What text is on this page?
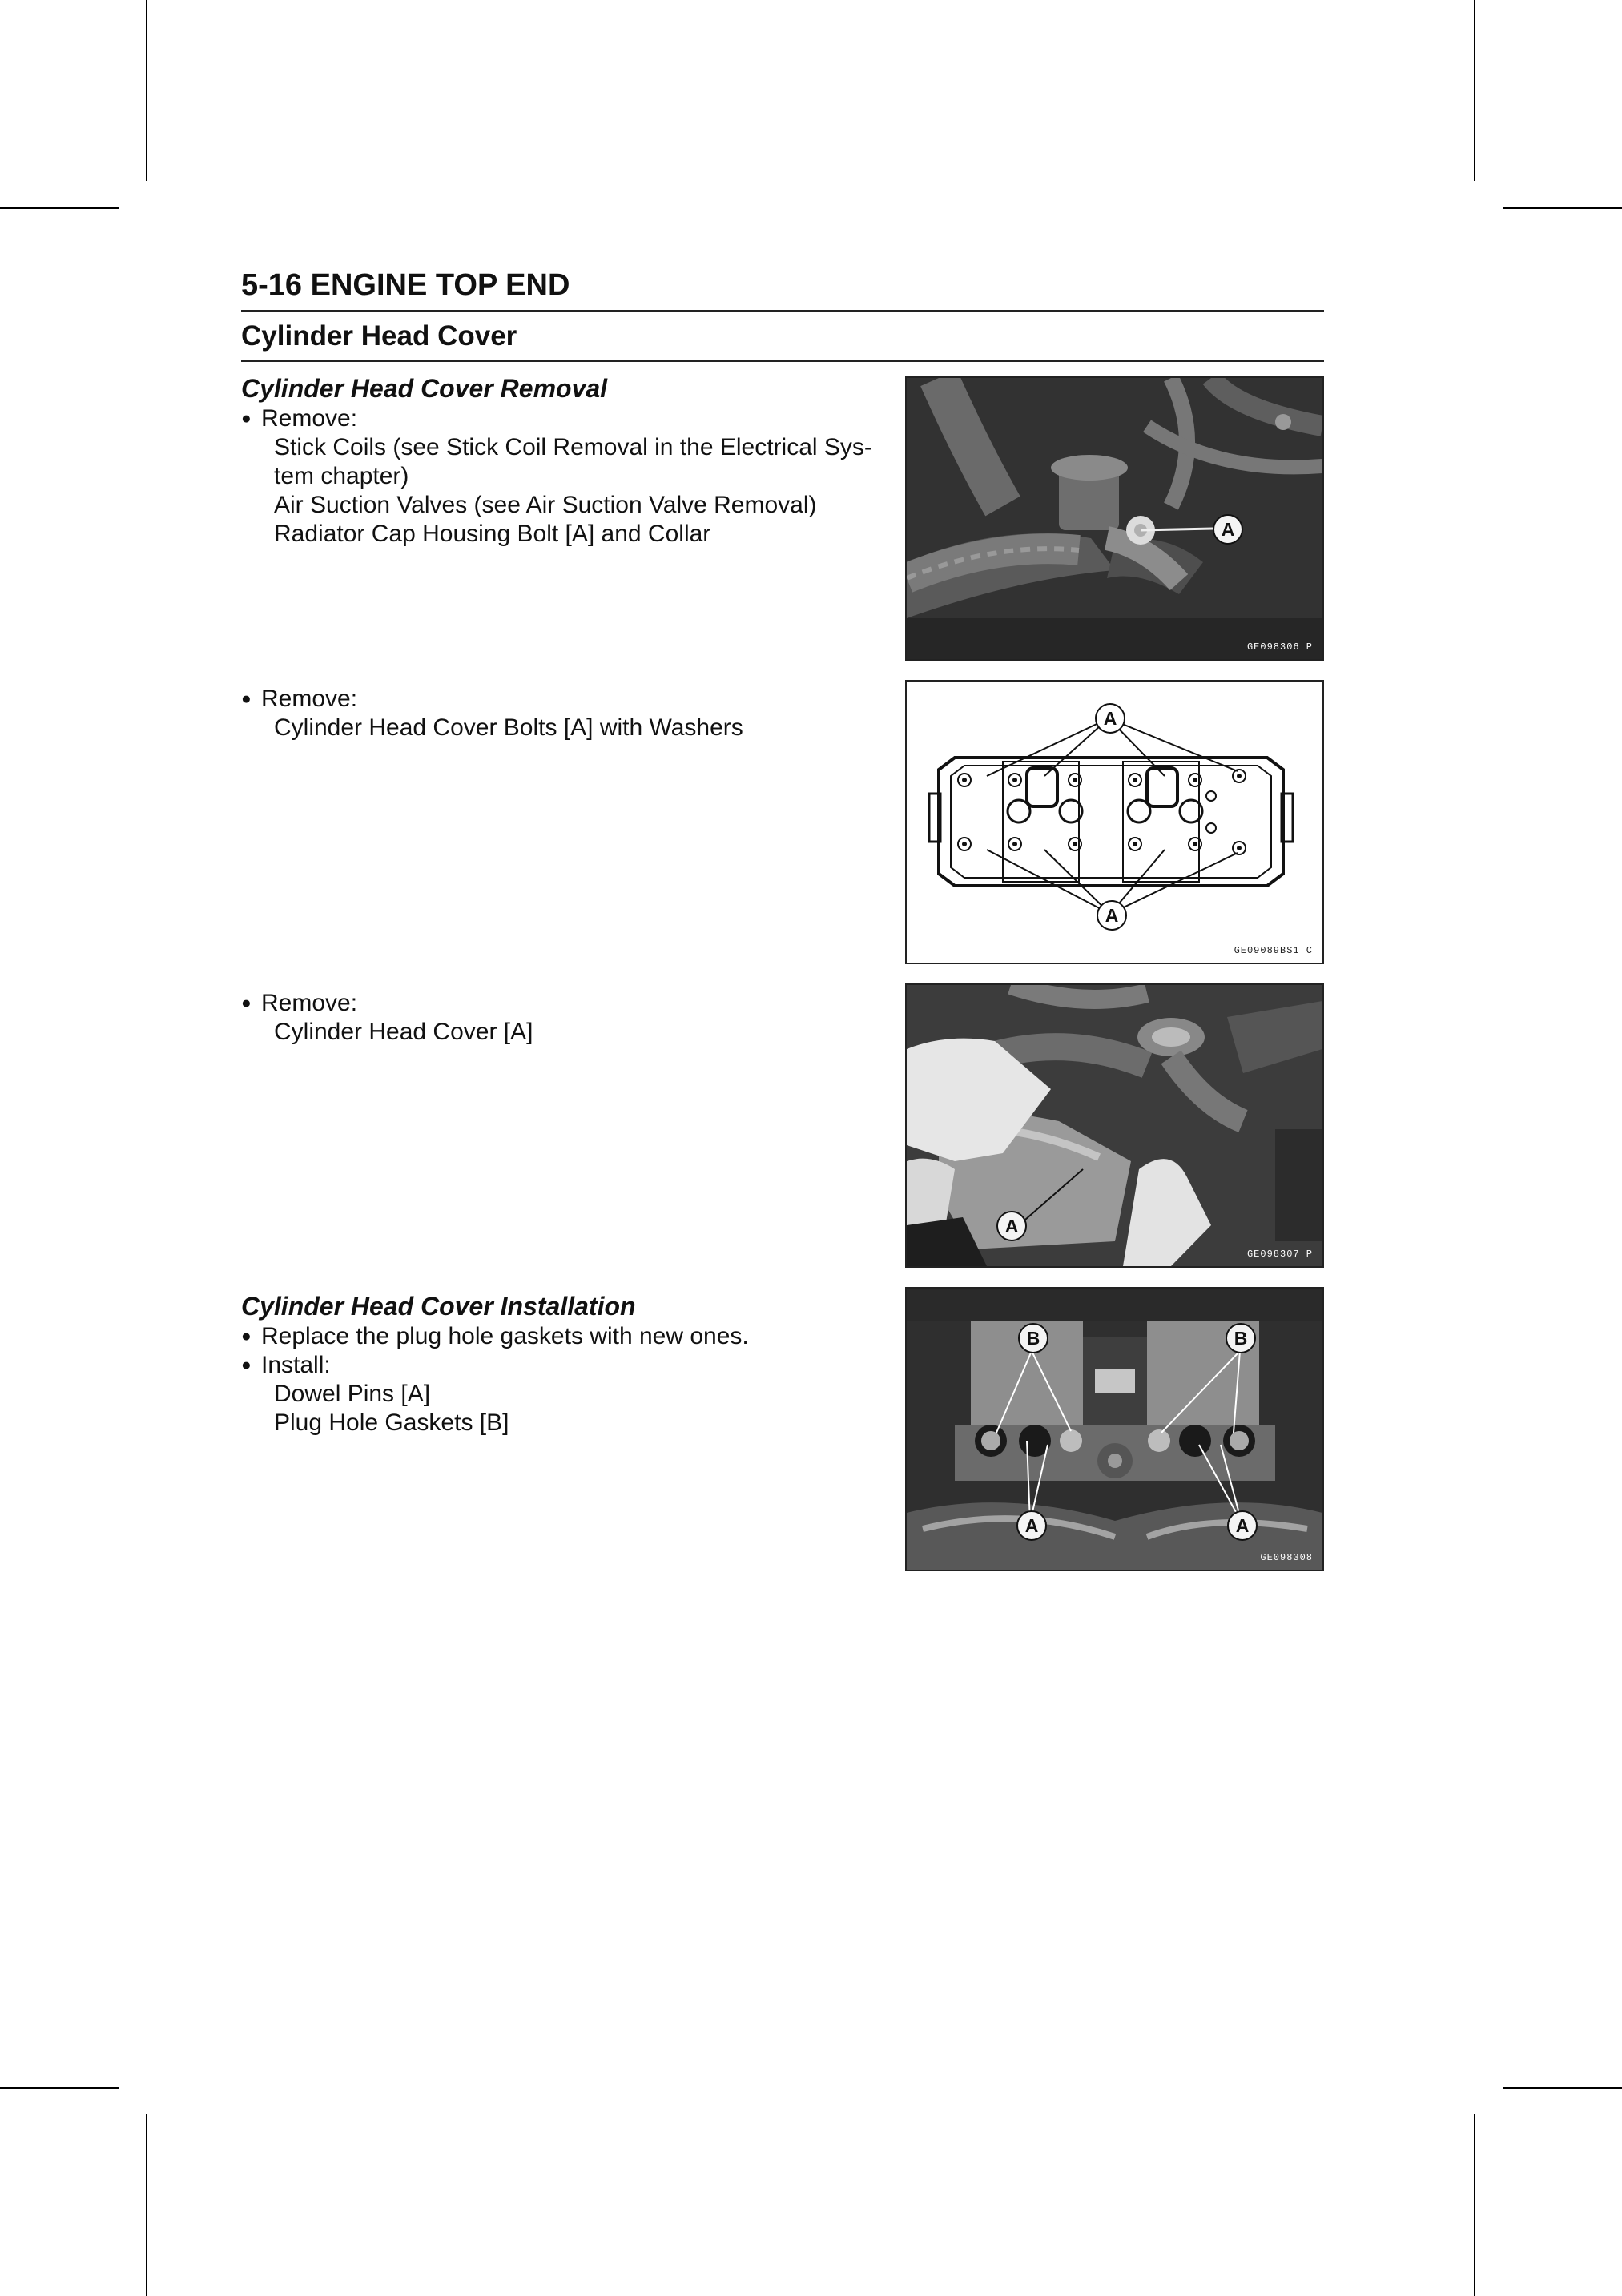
5-16 ENGINE TOP END
Cylinder Head Cover
Cylinder Head Cover Removal
● Remove:
Stick Coils (see Stick Coil Removal in the Electrical Sys-
tem chapter)
Air Suction Valves (see Air Suction Valve Removal)
Radiator Cap Housing Bolt [A] and Collar
● Remove:
Cylinder Head Cover Bolts [A] with Washers
● Remove:
Cylinder Head Cover [A]
Cylinder Head Cover Installation
● Replace the plug hole gaskets with new ones.
● Install:
Dowel Pins [A]
Plug Hole Gaskets [B]
A
GE098306 P
A
A
GE09089BS1 C
A
GE098307 P
B	B
A	A
GE098308
